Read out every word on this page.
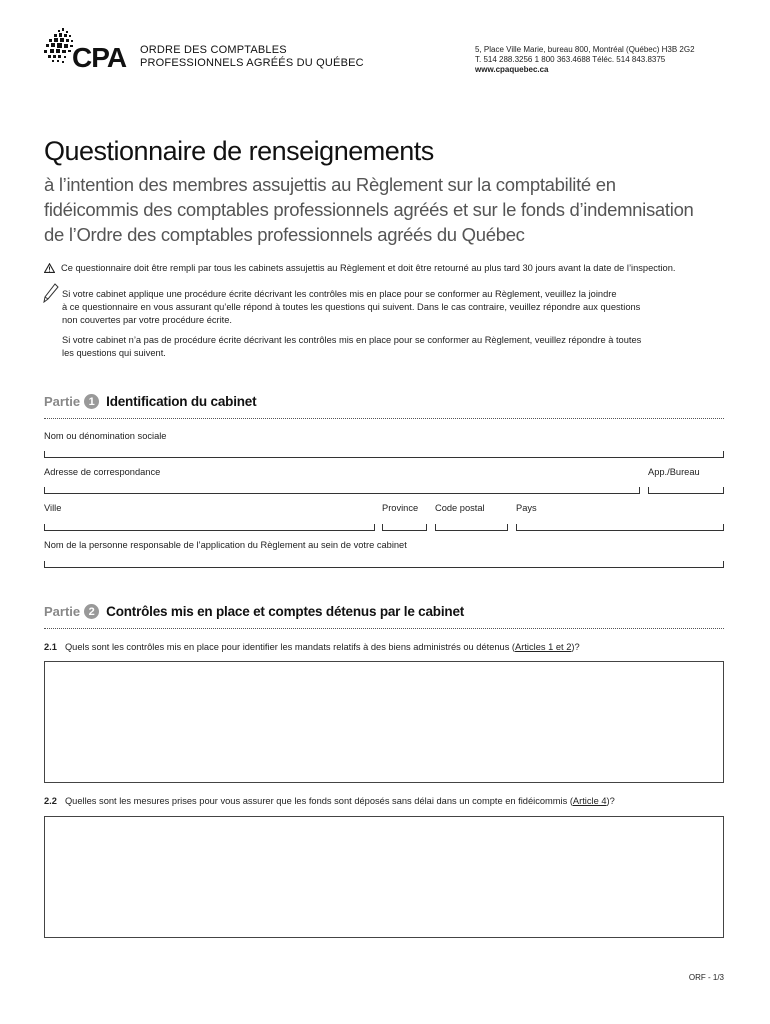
CPA ORDRE DES COMPTABLES
PROFESSIONNELS AGRÉÉS DU QUÉBEC
5, Place Ville Marie, bureau 800, Montréal (Québec) H3B 2G2
T. 514 288.3256 1 800 363.4688 Téléc. 514 843.8375
www.cpaquebec.ca
Questionnaire de renseignements
à l’intention des membres assujettis au Règlement sur la comptabilité en
fidéicommis des comptables professionnels agréés et sur le fonds d’indemnisation
de l’Ordre des comptables professionnels agréés du Québec
Ce questionnaire doit être rempli par tous les cabinets assujettis au Règlement et doit être retourné au plus tard 30 jours avant la date de l’inspection.
Si votre cabinet applique une procédure écrite décrivant les contrôles mis en place pour se conformer au Règlement, veuillez la joindre
à ce questionnaire en vous assurant qu’elle répond à toutes les questions qui suivent. Dans le cas contraire, veuillez répondre aux questions
non couvertes par votre procédure écrite.
Si votre cabinet n’a pas de procédure écrite décrivant les contrôles mis en place pour se conformer au Règlement, veuillez répondre à toutes
les questions qui suivent.
Partie 1 Identification du cabinet
Nom ou dénomination sociale
Adresse de correspondance	App./Bureau
Ville	Province Code postal	Pays
Nom de la personne responsable de l’application du Règlement au sein de votre cabinet
Partie 2 Contrôles mis en place et comptes détenus par le cabinet
2.1 Quels sont les contrôles mis en place pour identifier les mandats relatifs à des biens administrés ou détenus (Articles 1 et 2)?
2.2 Quelles sont les mesures prises pour vous assurer que les fonds sont déposés sans délai dans un compte en fidéicommis (Article 4)?
ORF - 1/3
